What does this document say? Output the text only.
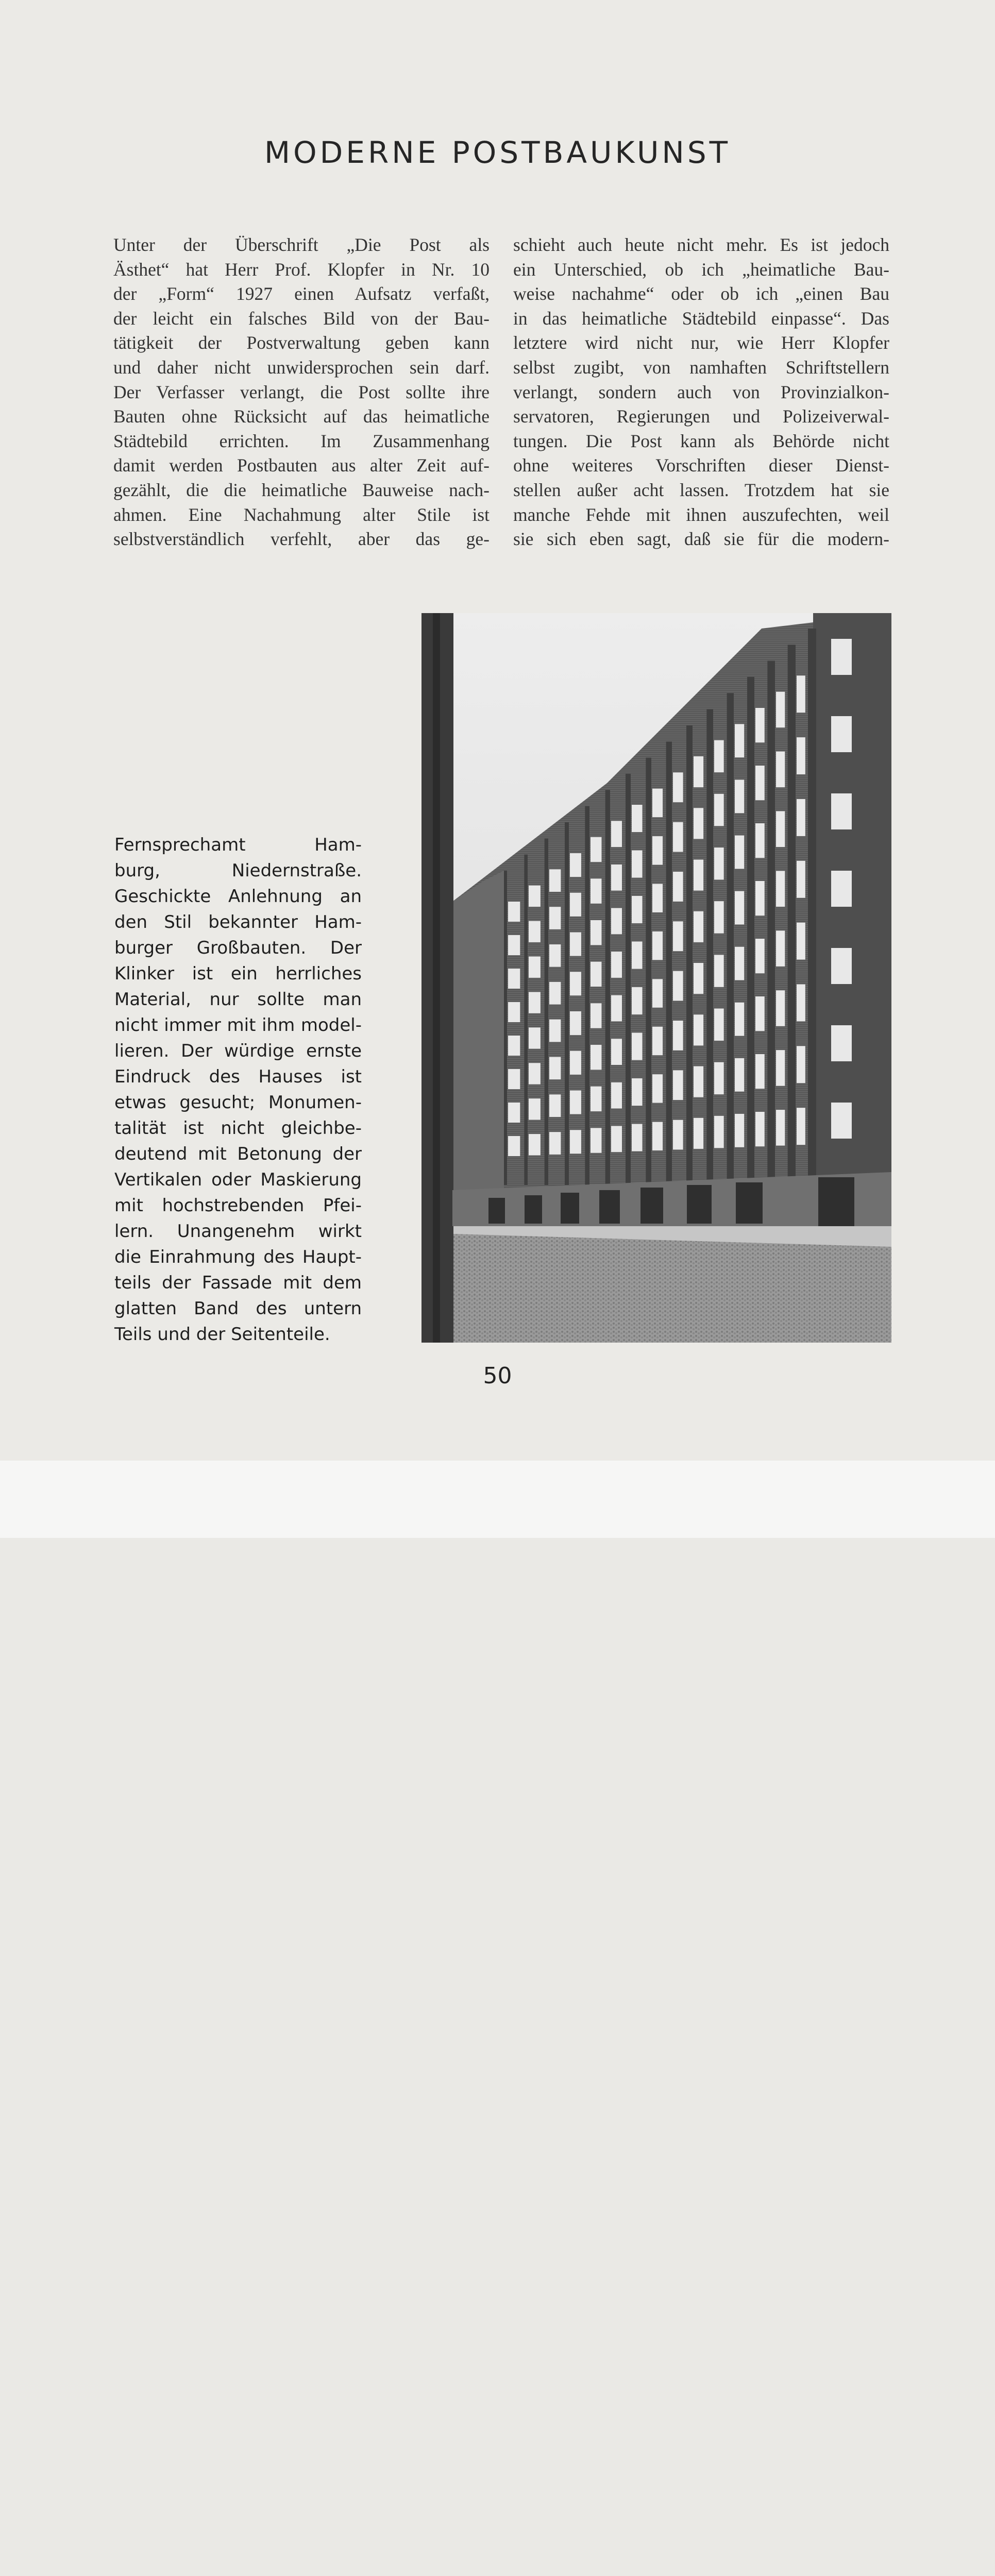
MODERNE POSTBAUKUNST
Unter der Überschrift „Die Post als
Ästhet“ hat Herr Prof. Klopfer in Nr. 10
der „Form“ 1927 einen Aufsatz verfaßt,
der leicht ein falsches Bild von der Bau-
tätigkeit der Postverwaltung geben kann
und daher nicht unwidersprochen sein darf.
Der Verfasser verlangt, die Post sollte ihre
Bauten ohne Rücksicht auf das heimatliche
Städtebild errichten. Im Zusammenhang
damit werden Postbauten aus alter Zeit auf-
gezählt, die die heimatliche Bauweise nach-
ahmen. Eine Nachahmung alter Stile ist
selbstverständlich verfehlt, aber das ge-
schieht auch heute nicht mehr. Es ist jedoch
ein Unterschied, ob ich „heimatliche Bau-
weise nachahme“ oder ob ich „einen Bau
in das heimatliche Städtebild einpasse“. Das
letztere wird nicht nur, wie Herr Klopfer
selbst zugibt, von namhaften Schriftstellern
verlangt, sondern auch von Provinzialkon-
servatoren, Regierungen und Polizeiverwal-
tungen. Die Post kann als Behörde nicht
ohne weiteres Vorschriften dieser Dienst-
stellen außer acht lassen. Trotzdem hat sie
manche Fehde mit ihnen auszufechten, weil
sie sich eben sagt, daß sie für die modern-
Fernsprechamt Ham-
burg, Niedernstraße.
Geschickte Anlehnung an
den Stil bekannter Ham-
burger Großbauten. Der
Klinker ist ein herrliches
Material, nur sollte man
nicht immer mit ihm model-
lieren. Der würdige ernste
Eindruck des Hauses ist
etwas gesucht; Monumen-
talität ist nicht gleichbe-
deutend mit Betonung der
Vertikalen oder Maskierung
mit hochstrebenden Pfei-
lern. Unangenehm wirkt
die Einrahmung des Haupt-
teils der Fassade mit dem
glatten Band des untern
Teils und der Seitenteile.
50
